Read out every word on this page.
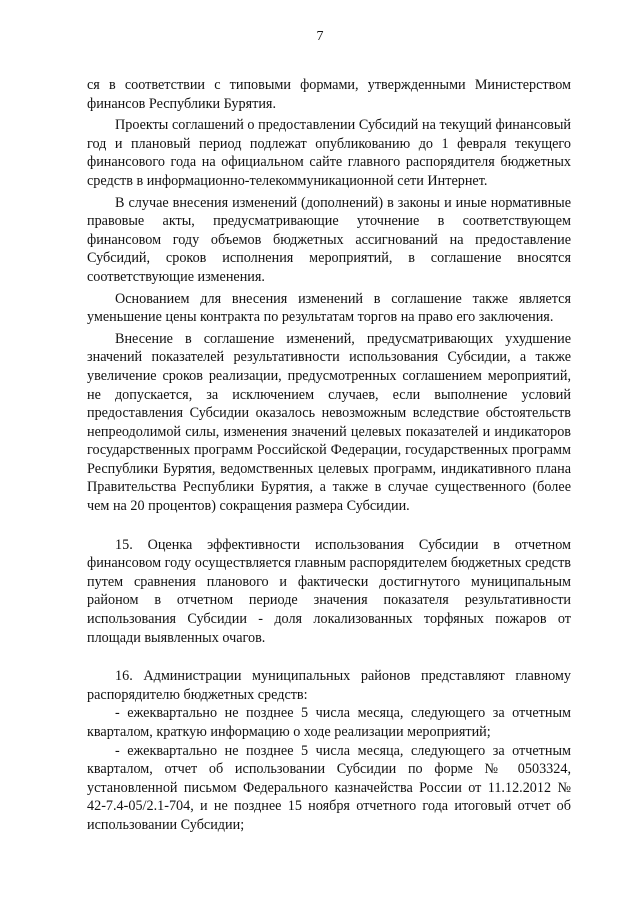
7

ся в соответствии с типовыми формами, утвержденными Министерством финансов Республики Бурятия.

Проекты соглашений о предоставлении Субсидий на текущий финансовый год и плановый период подлежат опубликованию до 1 февраля текущего финансового года на официальном сайте главного распорядителя бюджетных средств в информационно-телекоммуникационной сети Интернет.

В случае внесения изменений (дополнений) в законы и иные нормативные правовые акты, предусматривающие уточнение в соответствующем финансовом году объемов бюджетных ассигнований на предоставление Субсидий, сроков исполнения мероприятий, в соглашение вносятся соответствующие изменения.

Основанием для внесения изменений в соглашение также является уменьшение цены контракта по результатам торгов на право его заключения.

Внесение в соглашение изменений, предусматривающих ухудшение значений показателей результативности использования Субсидии, а также увеличение сроков реализации, предусмотренных соглашением мероприятий, не допускается, за исключением случаев, если выполнение условий предоставления Субсидии оказалось невозможным вследствие обстоятельств непреодолимой силы, изменения значений целевых показателей и индикаторов государственных программ Российской Федерации, государственных программ Республики Бурятия, ведомственных целевых программ, индикативного плана Правительства Республики Бурятия, а также в случае существенного (более чем на 20 процентов) сокращения размера Субсидии.

15. Оценка эффективности использования Субсидии в отчетном финансовом году осуществляется главным распорядителем бюджетных средств путем сравнения планового и фактически достигнутого муниципальным районом в отчетном периоде значения показателя результативности использования Субсидии - доля локализованных торфяных пожаров от площади выявленных очагов.

16. Администрации муниципальных районов представляют главному распорядителю бюджетных средств:

- ежеквартально не позднее 5 числа месяца, следующего за отчетным кварталом, краткую информацию о ходе реализации мероприятий;

- ежеквартально не позднее 5 числа месяца, следующего за отчетным кварталом, отчет об использовании Субсидии по форме № 0503324, установленной письмом Федерального казначейства России от 11.12.2012 № 42-7.4-05/2.1-704, и не позднее 15 ноября отчетного года итоговый отчет об использовании Субсидии;
